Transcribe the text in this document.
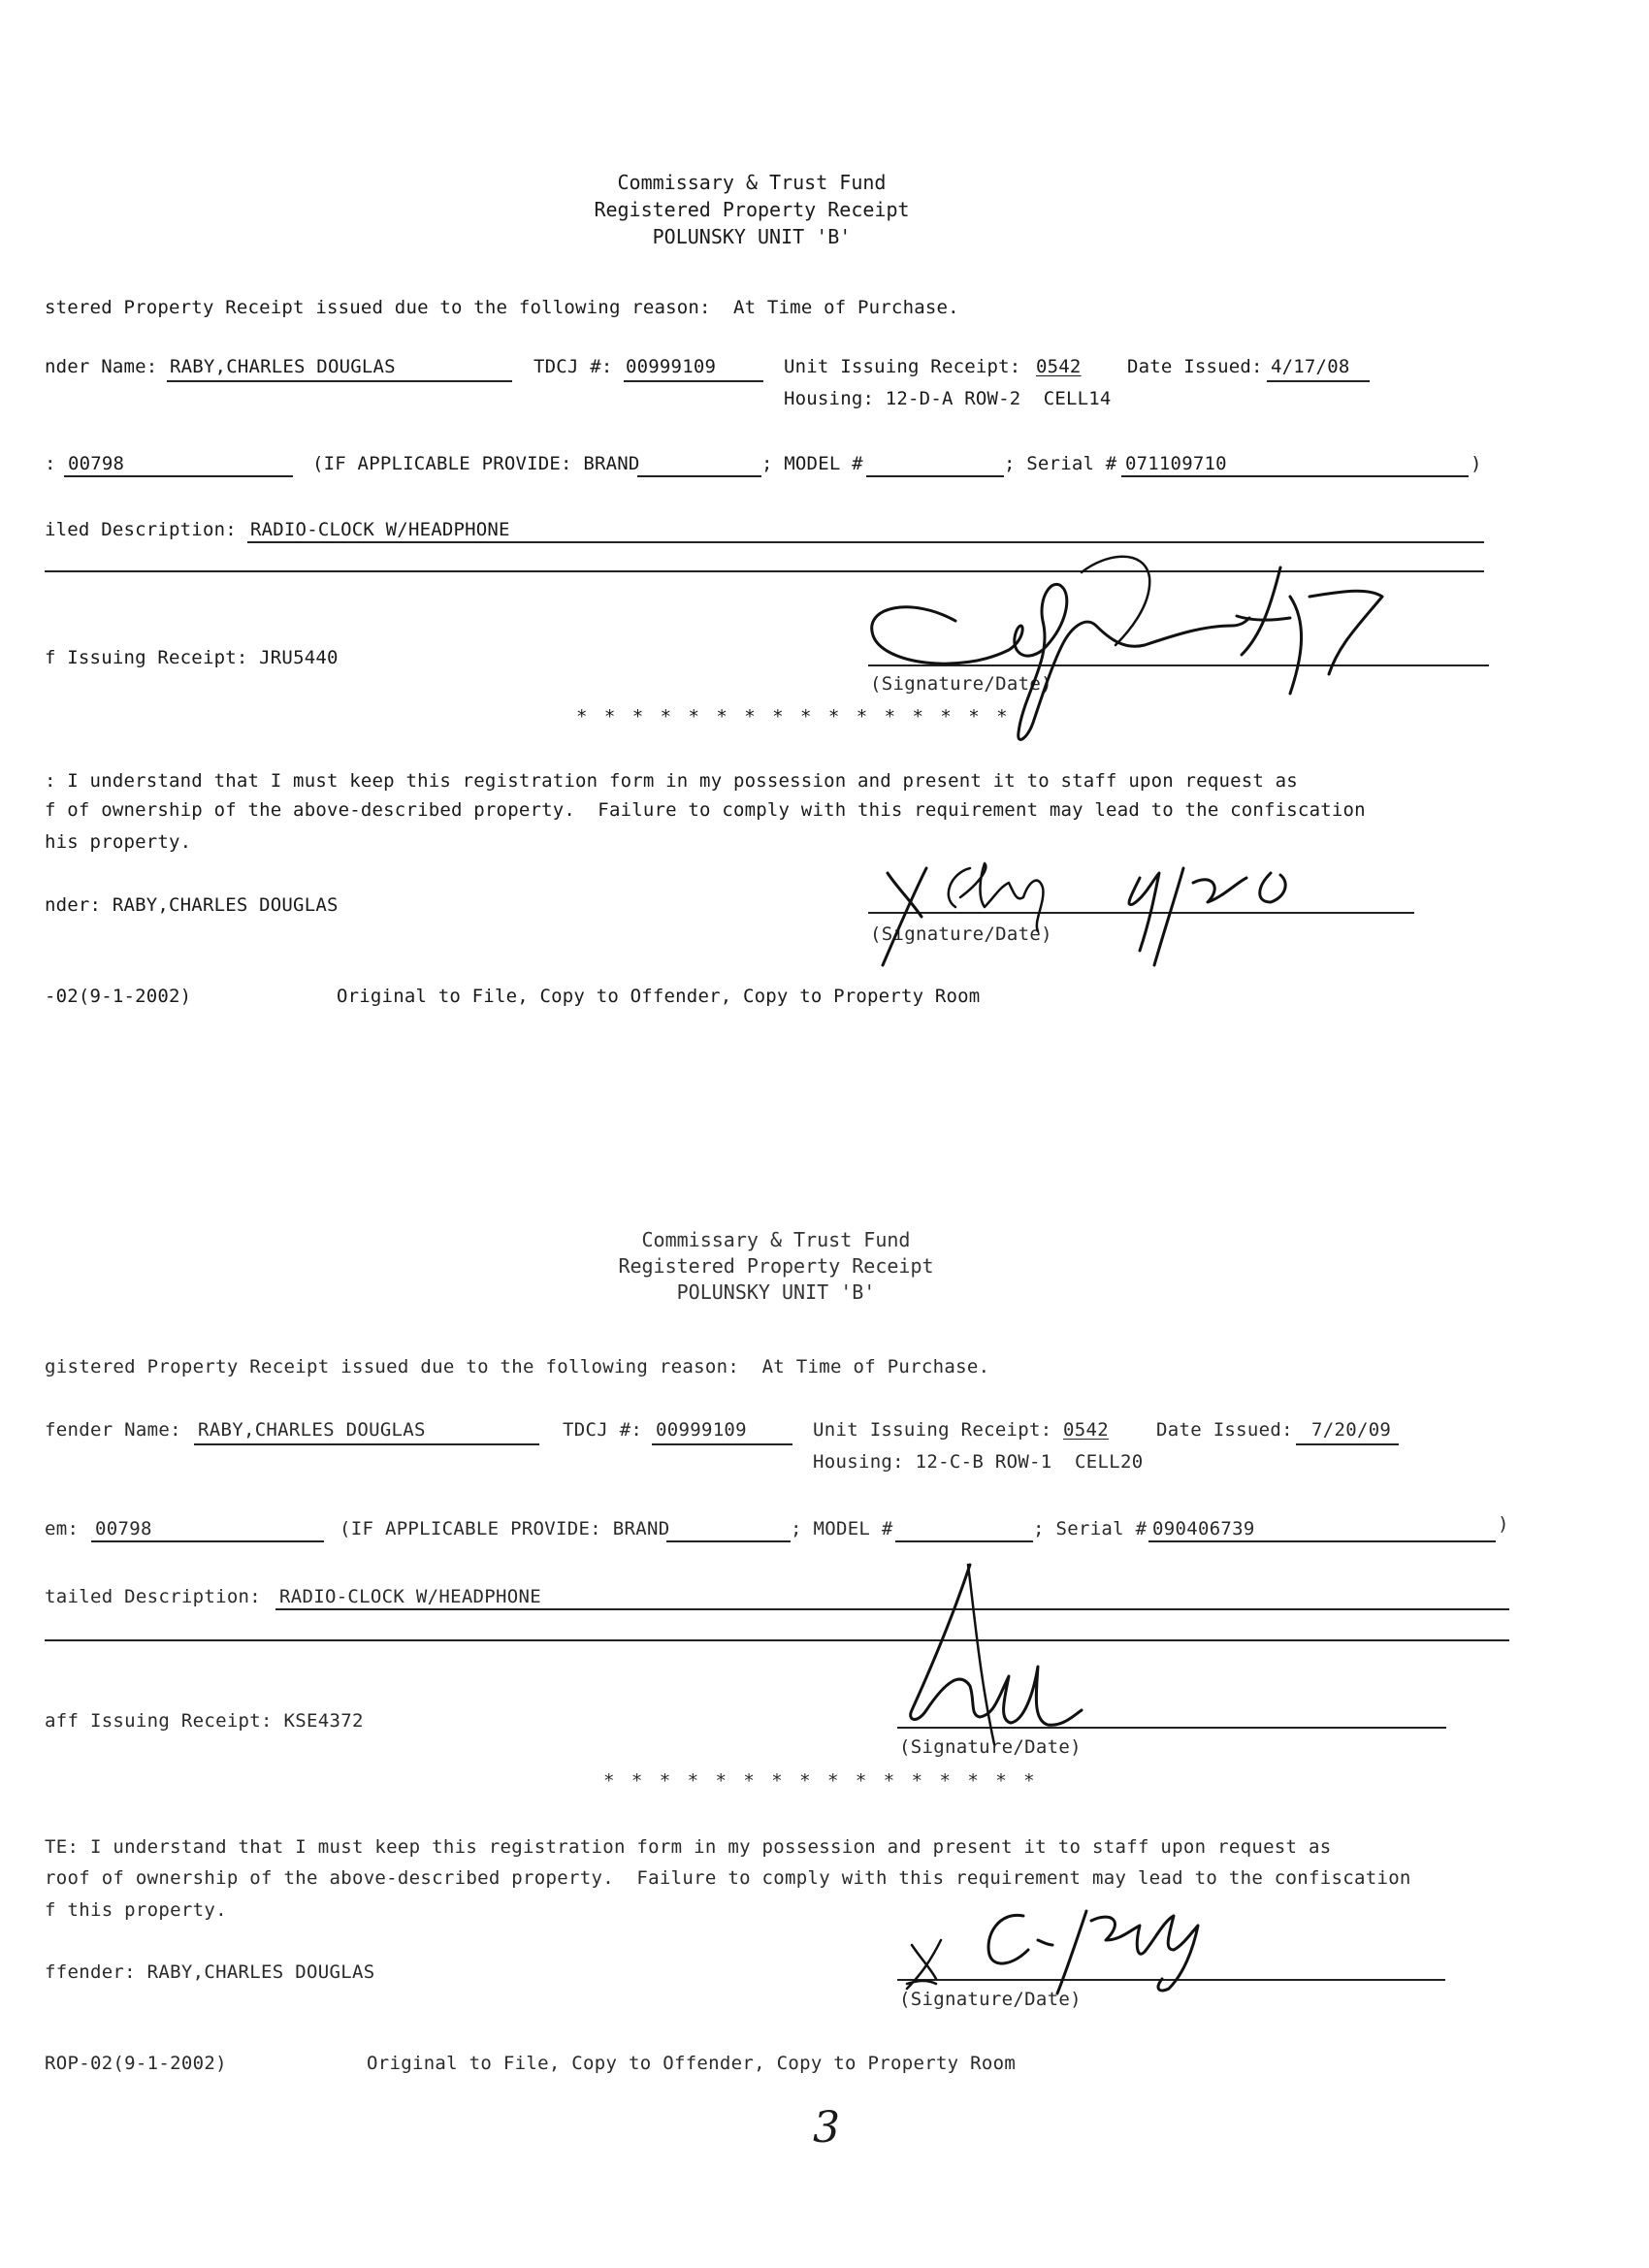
Commissary & Trust Fund
Registered Property Receipt
POLUNSKY UNIT 'B'
stered Property Receipt issued due to the following reason: At Time of Purchase.
nder Name: RABY,CHARLES DOUGLAS	TDCJ #: 00999109	Unit Issuing Receipt: 0542 Date Issued: 4/17/08
Housing: 12-D-A ROW-2  CELL14
: 00798	(IF APPLICABLE PROVIDE: BRAND	; MODEL #	; Serial # 071109710	)
iled Description: RADIO-CLOCK W/HEADPHONE
f Issuing Receipt: JRU5440
(Signature/Date)
* * * * * * * * * * * * * * * *
: I understand that I must keep this registration form in my possession and present it to staff upon request as
f of ownership of the above-described property.  Failure to comply with this requirement may lead to the confiscation
his property.
nder: RABY,CHARLES DOUGLAS
(Signature/Date)
-02(9-1-2002)	Original to File, Copy to Offender, Copy to Property Room
Commissary & Trust Fund
Registered Property Receipt
POLUNSKY UNIT 'B'
gistered Property Receipt issued due to the following reason: At Time of Purchase.
fender Name: RABY,CHARLES DOUGLAS	TDCJ #: 00999109	Unit Issuing Receipt: 0542	Date Issued: 7/20/09
Housing: 12-C-B ROW-1  CELL20
em: 00798	(IF APPLICABLE PROVIDE: BRAND	; MODEL #	; Serial # 090406739	)
tailed Description: RADIO-CLOCK W/HEADPHONE
aff Issuing Receipt: KSE4372
(Signature/Date)
* * * * * * * * * * * * * * * *
TE: I understand that I must keep this registration form in my possession and present it to staff upon request as
roof of ownership of the above-described property.  Failure to comply with this requirement may lead to the confiscation
f this property.
ffender: RABY,CHARLES DOUGLAS
(Signature/Date)
ROP-02(9-1-2002)	Original to File, Copy to Offender, Copy to Property Room
3
